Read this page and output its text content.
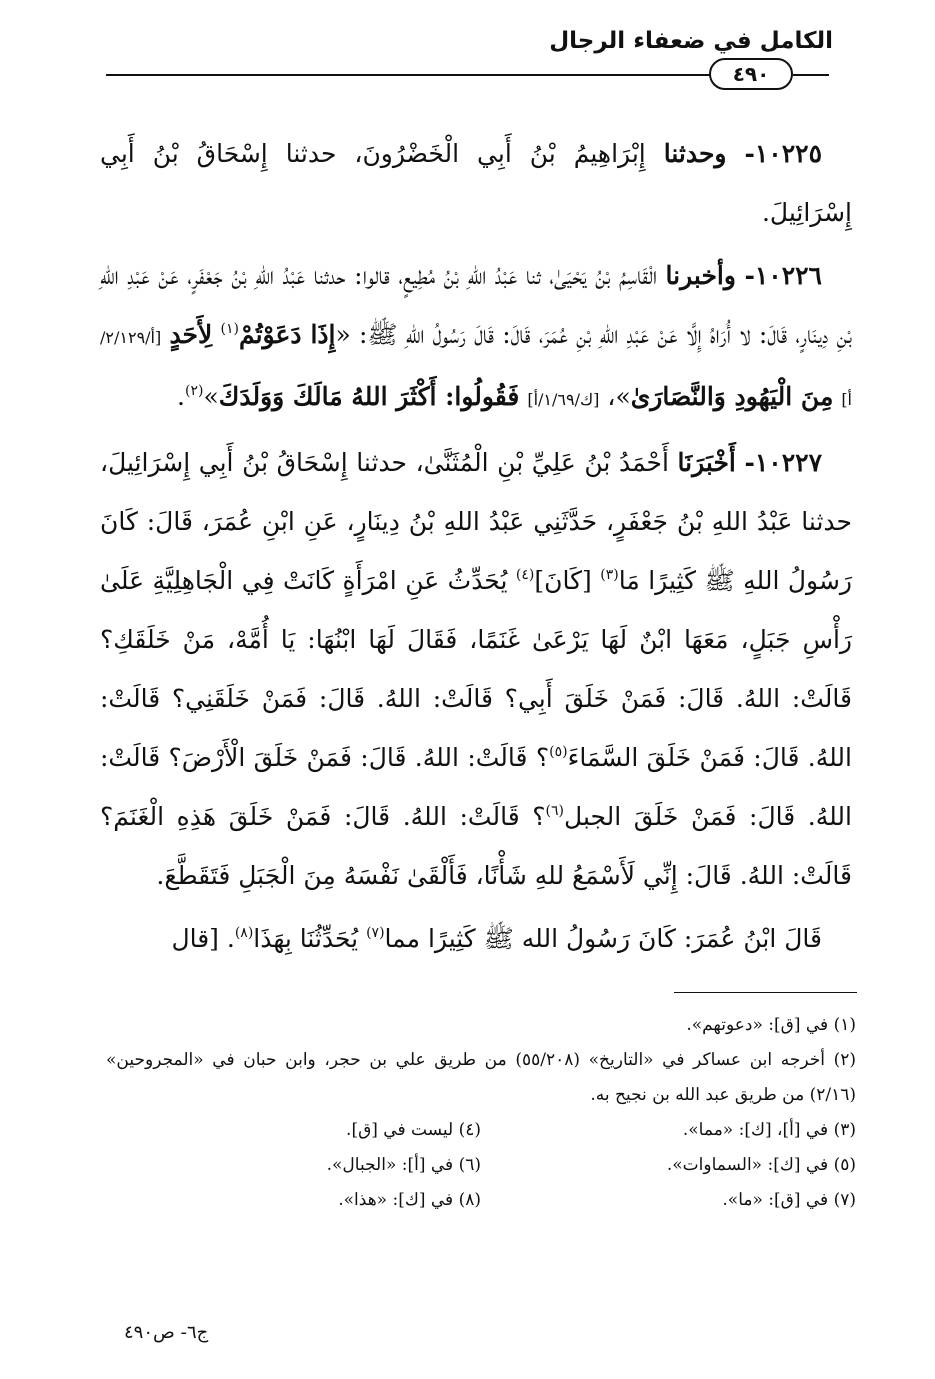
الكامل في ضعفاء الرجال
٤٩٠

١٠٢٢٥- وحدثنا إِبْرَاهِيمُ بْنُ أَبِي الْخَضْرُونَ، حدثنا إِسْحَاقُ بْنُ أَبِي إِسْرَائِيلَ.

١٠٢٢٦- وأخبرنا الْقَاسِمُ بْنُ يَحْيَىٰ، ثنا عَبْدُ اللهِ بْنُ مُطِيعٍ، قالوا: حدثنا عَبْدُ اللهِ بْنُ جَعْفَرٍ، عَنْ عَبْدِ اللهِ بْنِ دِينَارٍ، قَالَ: لا أُرَاهُ إِلَّا عَنْ عَبْدِ اللهِ بْنِ عُمَرَ، قَالَ: قَالَ رَسُولُ اللهِ ﷺ: «إِذَا دَعَوْتُمْ$^{(١)}$ لِأَحَدٍ [أ/٢/١٢٩/أ] مِنَ الْيَهُودِ وَالنَّصَارَىٰ»، [ك/١/٦٩/أ] فَقُولُوا: أَكْثَرَ اللهُ مَالَكَ وَوَلَدَكَ»$^{(٢)}$.

١٠٢٢٧- أَخْبَرَنَا أَحْمَدُ بْنُ عَلِيِّ بْنِ الْمُثَنَّىٰ، حدثنا إِسْحَاقُ بْنُ أَبِي إِسْرَائِيلَ، حدثنا عَبْدُ اللهِ بْنُ جَعْفَرٍ، حَدَّثَنِي عَبْدُ اللهِ بْنُ دِينَارٍ، عَنِ ابْنِ عُمَرَ، قَالَ: كَانَ رَسُولُ اللهِ ﷺ كَثِيرًا مَا$^{(٣)}$ [كَانَ]$^{(٤)}$ يُحَدِّثُ عَنِ امْرَأَةٍ كَانَتْ فِي الْجَاهِلِيَّةِ عَلَىٰ رَأْسِ جَبَلٍ، مَعَهَا ابْنٌ لَهَا يَرْعَىٰ غَنَمًا، فَقَالَ لَهَا ابْنُهَا: يَا أُمَّهْ، مَنْ خَلَقَكِ؟ قَالَتْ: اللهُ. قَالَ: فَمَنْ خَلَقَ أَبِي؟ قَالَتْ: اللهُ. قَالَ: فَمَنْ خَلَقَنِي؟ قَالَتْ: اللهُ. قَالَ: فَمَنْ خَلَقَ السَّمَاءَ$^{(٥)}$؟ قَالَتْ: اللهُ. قَالَ: فَمَنْ خَلَقَ الْأَرْضَ؟ قَالَتْ: اللهُ. قَالَ: فَمَنْ خَلَقَ الجبل$^{(٦)}$؟ قَالَتْ: اللهُ. قَالَ: فَمَنْ خَلَقَ هَذِهِ الْغَنَمَ؟ قَالَتْ: اللهُ. قَالَ: إِنِّي لَأَسْمَعُ للهِ شَأْنًا، فَأَلْقَىٰ نَفْسَهُ مِنَ الْجَبَلِ فَتَقَطَّعَ.

قَالَ ابْنُ عُمَرَ: كَانَ رَسُولُ الله ﷺ كَثِيرًا مما$^{(٧)}$ يُحَدِّثُنَا بِهَذَا$^{(٨)}$. [قال

(١) في [ق]: «دعوتهم».

(٢) أخرجه ابن عساكر في «التاريخ» (٥٥/٢٠٨) من طريق علي بن حجر، وابن حبان في «المجروحين» (٢/١٦) من طريق عبد الله بن نجيح به.

(٣) في [أ]، [ك]: «مما».
(٤) ليست في [ق].
(٥) في [ك]: «السماوات».
(٦) في [أ]: «الجبال».
(٧) في [ق]: «ما».
(٨) في [ك]: «هذا».
ج٦- ص٤٩٠
